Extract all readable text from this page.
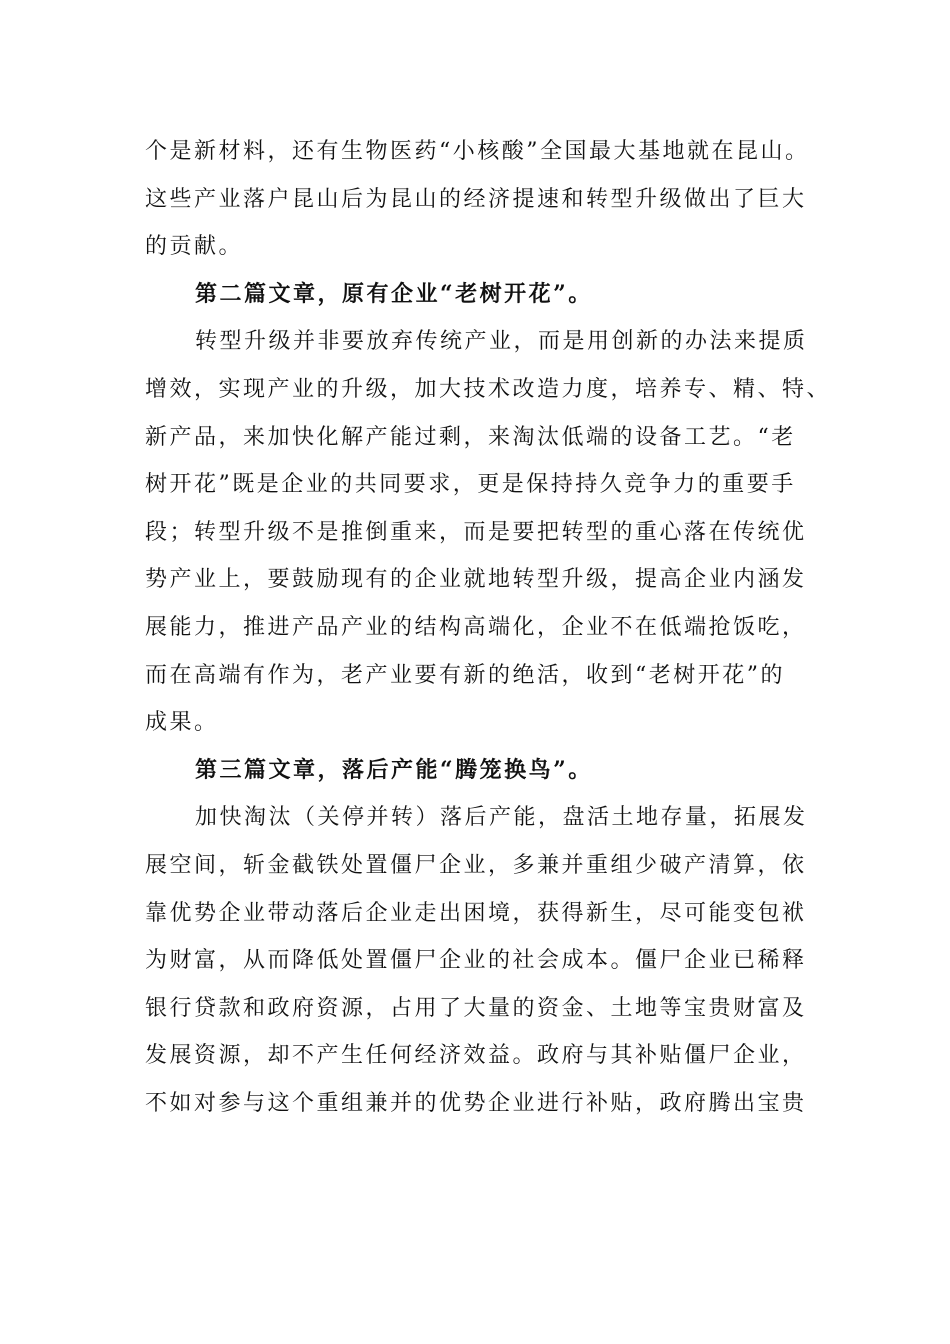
个是新材料，还有生物医药“小核酸”全国最大基地就在昆山。
这些产业落户昆山后为昆山的经济提速和转型升级做出了巨大
的贡献。
第二篇文章，原有企业“老树开花”。
转型升级并非要放弃传统产业，而是用创新的办法来提质
增效，实现产业的升级，加大技术改造力度，培养专、精、特、
新产品，来加快化解产能过剩，来淘汰低端的设备工艺。“老
树开花”既是企业的共同要求，更是保持持久竞争力的重要手
段；转型升级不是推倒重来，而是要把转型的重心落在传统优
势产业上，要鼓励现有的企业就地转型升级，提高企业内涵发
展能力，推进产品产业的结构高端化，企业不在低端抢饭吃，
而在高端有作为，老产业要有新的绝活，收到“老树开花”的
成果。
第三篇文章，落后产能“腾笼换鸟”。
加快淘汰（关停并转）落后产能，盘活土地存量，拓展发
展空间，斩金截铁处置僵尸企业，多兼并重组少破产清算，依
靠优势企业带动落后企业走出困境，获得新生，尽可能变包袱
为财富，从而降低处置僵尸企业的社会成本。僵尸企业已稀释
银行贷款和政府资源，占用了大量的资金、土地等宝贵财富及
发展资源，却不产生任何经济效益。政府与其补贴僵尸企业，
不如对参与这个重组兼并的优势企业进行补贴，政府腾出宝贵
